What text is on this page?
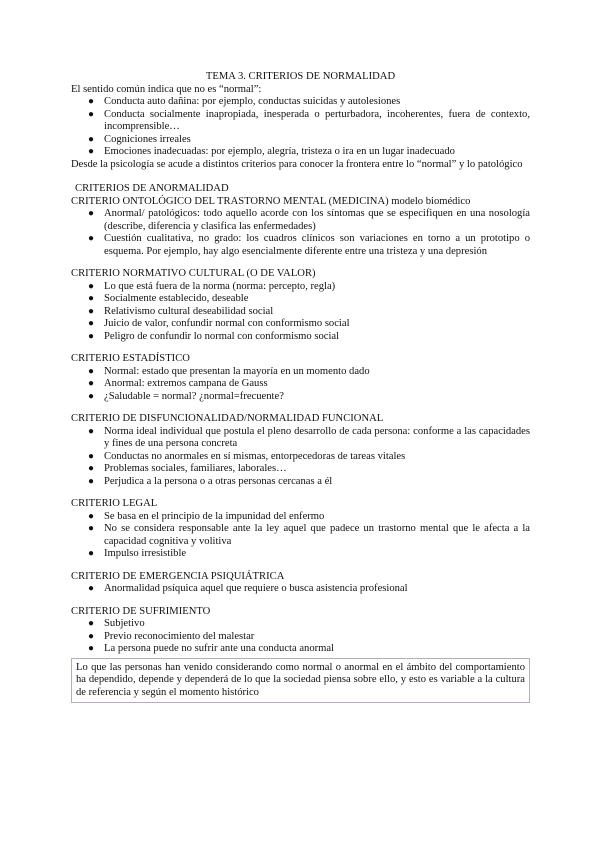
TEMA 3. CRITERIOS DE NORMALIDAD

El sentido común indica que no es “normal”:

● Conducta auto dañina: por ejemplo, conductas suicidas y autolesiones
● Conducta socialmente inapropiada, inesperada o perturbadora, incoherentes, fuera de contexto, incomprensible…
● Cogniciones irreales
● Emociones inadecuadas: por ejemplo, alegría, tristeza o ira en un lugar inadecuado

Desde la psicología se acude a distintos criterios para conocer la frontera entre lo “normal” y lo patológico

CRITERIOS DE ANORMALIDAD
CRITERIO ONTOLÓGICO DEL TRASTORNO MENTAL (MEDICINA) modelo biomédico
● Anormal/ patológicos: todo aquello acorde con los síntomas que se especifiquen en una nosología (describe, diferencia y clasifica las enfermedades)
● Cuestión cualitativa, no grado: los cuadros clínicos son variaciones en torno a un prototipo o esquema. Por ejemplo, hay algo esencialmente diferente entre una tristeza y una depresión
CRITERIO NORMATIVO CULTURAL (O DE VALOR)
● Lo que está fuera de la norma (norma: percepto, regla)
● Socialmente establecido, deseable
● Relativismo cultural deseabilidad social
● Juicio de valor, confundir normal con conformismo social
● Peligro de confundir lo normal con conformismo social
CRITERIO ESTADÍSTICO
● Normal: estado que presentan la mayoría en un momento dado
● Anormal: extremos campana de Gauss
● ¿Saludable = normal? ¿normal=frecuente?
CRITERIO DE DISFUNCIONALIDAD/NORMALIDAD FUNCIONAL
● Norma ideal individual que postula el pleno desarrollo de cada persona: conforme a las capacidades y fines de una persona concreta
● Conductas no anormales en sí mismas, entorpecedoras de tareas vitales
● Problemas sociales, familiares, laborales…
● Perjudica a la persona o a otras personas cercanas a él
CRITERIO LEGAL
● Se basa en el principio de la impunidad del enfermo
● No se considera responsable ante la ley aquel que padece un trastorno mental que le afecta a la capacidad cognitiva y volitiva
● Impulso irresistible
CRITERIO DE EMERGENCIA PSIQUIÁTRICA
● Anormalidad psíquica aquel que requiere o busca asistencia profesional
CRITERIO DE SUFRIMIENTO
● Subjetivo
● Previo reconocimiento del malestar
● La persona puede no sufrir ante una conducta anormal
Lo que las personas han venido considerando como normal o anormal en el ámbito del comportamiento ha dependido, depende y dependerá de lo que la sociedad piensa sobre ello, y esto es variable a la cultura de referencia y según el momento histórico
